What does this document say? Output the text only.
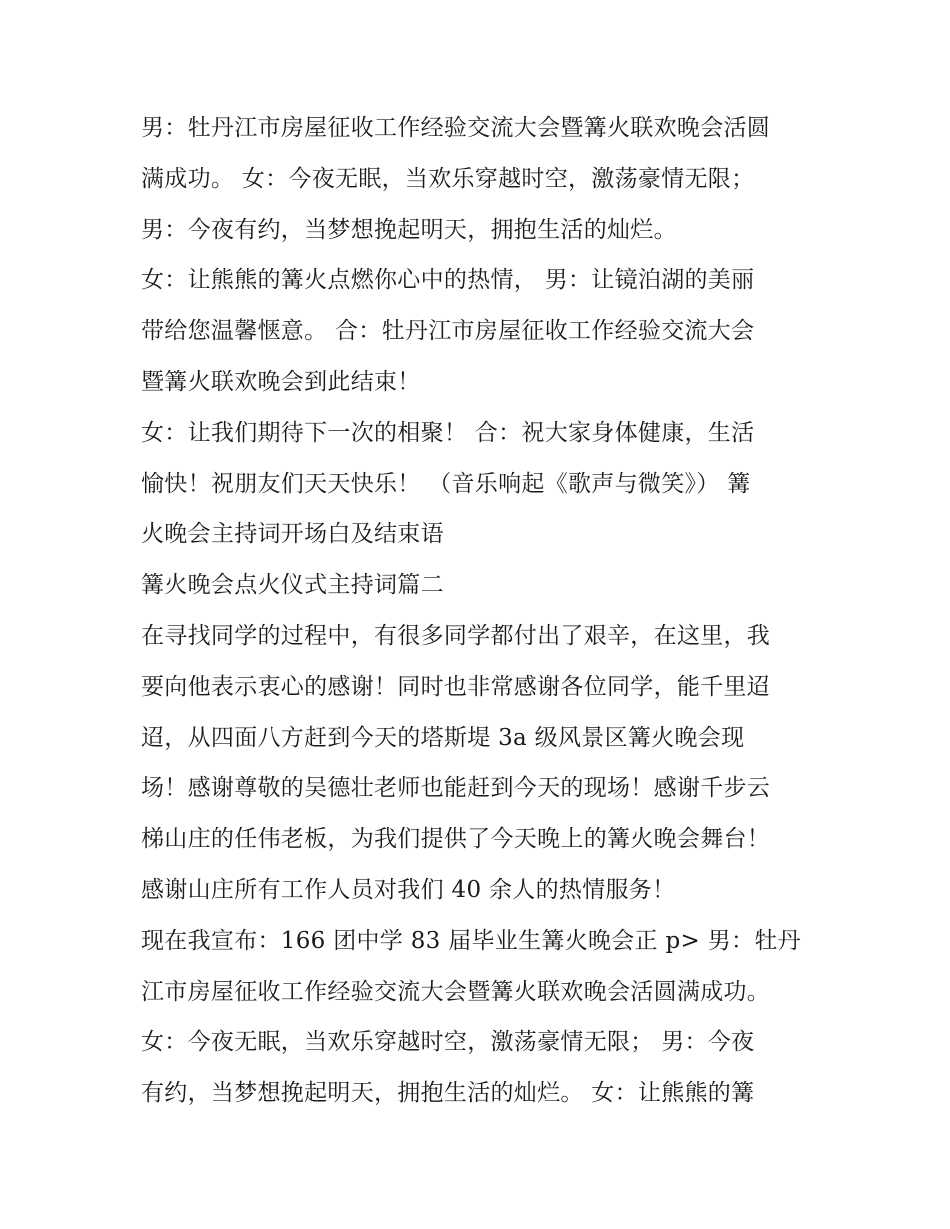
男：牡丹江市房屋征收工作经验交流大会暨篝火联欢晚会活圆
满成功。 女：今夜无眠，当欢乐穿越时空，激荡豪情无限；
男：今夜有约，当梦想挽起明天，拥抱生活的灿烂。
女：让熊熊的篝火点燃你心中的热情， 男：让镜泊湖的美丽
带给您温馨惬意。 合：牡丹江市房屋征收工作经验交流大会
暨篝火联欢晚会到此结束！
女：让我们期待下一次的相聚！ 合：祝大家身体健康，生活
愉快！祝朋友们天天快乐！ （音乐响起《歌声与微笑》） 篝
火晚会主持词开场白及结束语
篝火晚会点火仪式主持词篇二
在寻找同学的过程中，有很多同学都付出了艰辛，在这里，我
要向他表示衷心的感谢！同时也非常感谢各位同学，能千里迢
迢，从四面八方赶到今天的塔斯堤 3a 级风景区篝火晚会现
场！感谢尊敬的吴德壮老师也能赶到今天的现场！感谢千步云
梯山庄的任伟老板，为我们提供了今天晚上的篝火晚会舞台！
感谢山庄所有工作人员对我们 40 余人的热情服务！
现在我宣布：166 团中学 83 届毕业生篝火晚会正 p> 男：牡丹
江市房屋征收工作经验交流大会暨篝火联欢晚会活圆满成功。
女：今夜无眠，当欢乐穿越时空，激荡豪情无限； 男：今夜
有约，当梦想挽起明天，拥抱生活的灿烂。 女：让熊熊的篝
